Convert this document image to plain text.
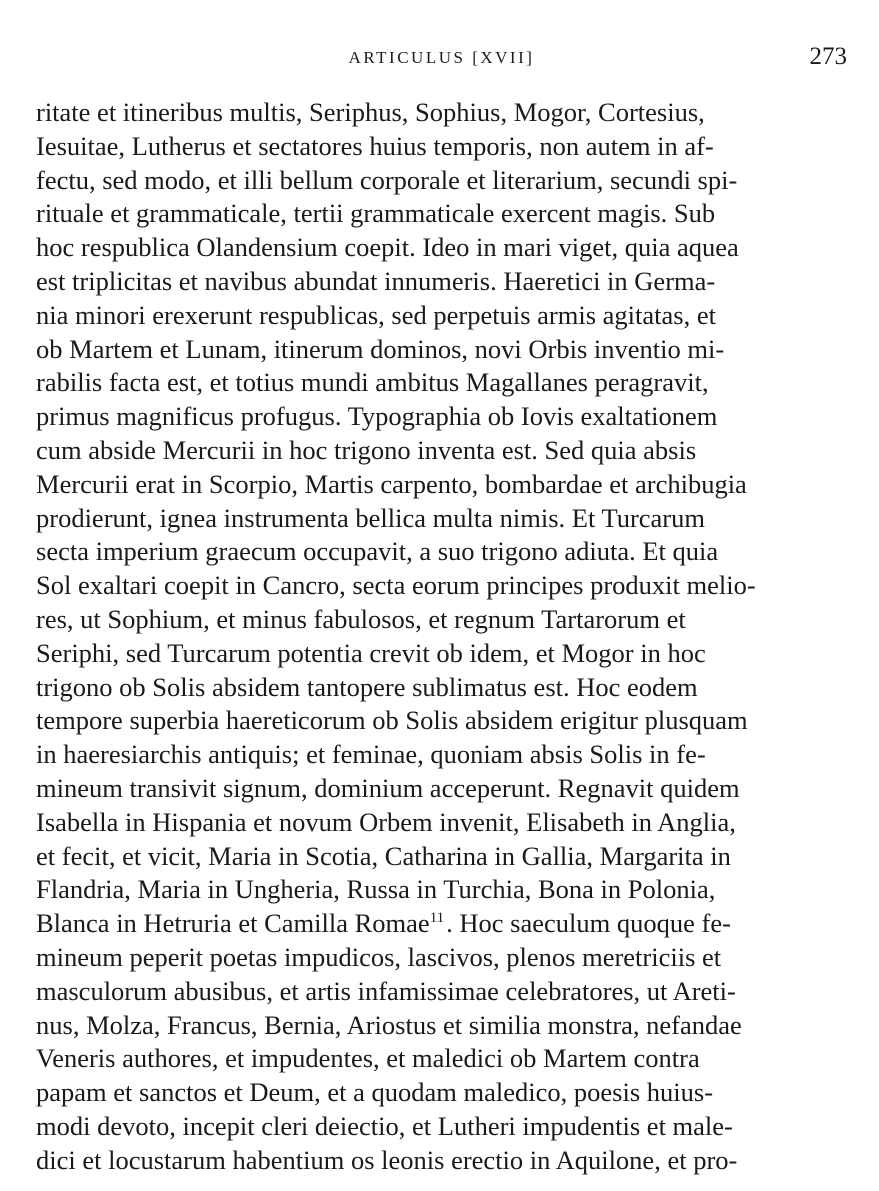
ARTICULUS [XVII]	273
ritate et itineribus multis, Seriphus, Sophius, Mogor, Cortesius,
Iesuitae, Lutherus et sectatores huius temporis, non autem in af-
fectu, sed modo, et illi bellum corporale et literarium, secundi spi-
rituale et grammaticale, tertii grammaticale exercent magis. Sub
hoc respublica Olandensium coepit. Ideo in mari viget, quia aquea
est triplicitas et navibus abundat innumeris. Haeretici in Germa-
nia minori erexerunt respublicas, sed perpetuis armis agitatas, et
ob Martem et Lunam, itinerum dominos, novi Orbis inventio mi-
rabilis facta est, et totius mundi ambitus Magallanes peragravit,
primus magnificus profugus. Typographia ob Iovis exaltationem
cum abside Mercurii in hoc trigono inventa est. Sed quia absis
Mercurii erat in Scorpio, Martis carpento, bombardae et archibugia
prodierunt, ignea instrumenta bellica multa nimis. Et Turcarum
secta imperium graecum occupavit, a suo trigono adiuta. Et quia
Sol exaltari coepit in Cancro, secta eorum principes produxit melio-
res, ut Sophium, et minus fabulosos, et regnum Tartarorum et
Seriphi, sed Turcarum potentia crevit ob idem, et Mogor in hoc
trigono ob Solis absidem tantopere sublimatus est. Hoc eodem
tempore superbia haereticorum ob Solis absidem erigitur plusquam
in haeresiarchis antiquis; et feminae, quoniam absis Solis in fe-
mineum transivit signum, dominium acceperunt. Regnavit quidem
Isabella in Hispania et novum Orbem invenit, Elisabeth in Anglia,
et fecit, et vicit, Maria in Scotia, Catharina in Gallia, Margarita in
Flandria, Maria in Ungheria, Russa in Turchia, Bona in Polonia,
Blanca in Hetruria et Camilla Romae$^{11}$. Hoc saeculum quoque fe-
mineum peperit poetas impudicos, lascivos, plenos meretriciis et
masculorum abusibus, et artis infamissimae celebratores, ut Areti-
nus, Molza, Francus, Bernia, Ariostus et similia monstra, nefandae
Veneris authores, et impudentes, et maledici ob Martem contra
papam et sanctos et Deum, et a quodam maledico, poesis huius-
modi devoto, incepit cleri deiectio, et Lutheri impudentis et male-
dici et locustarum habentium os leonis erectio in Aquilone, et pro-
